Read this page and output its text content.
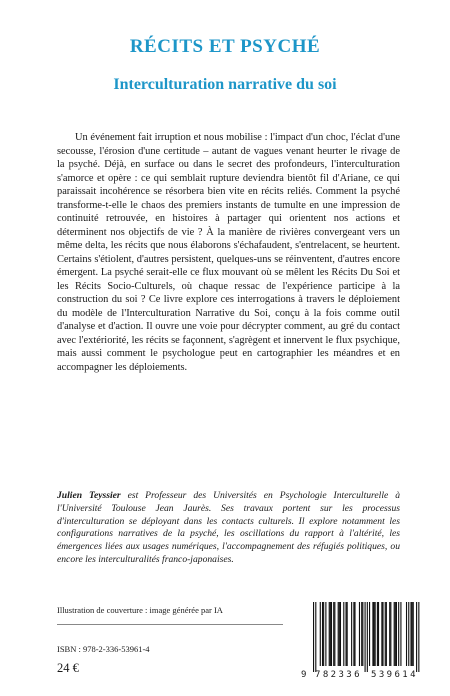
RÉCITS ET PSYCHÉ
Interculturation narrative du soi

Un événement fait irruption et nous mobilise : l'impact d'un choc, l'éclat d'une secousse, l'érosion d'une certitude – autant de vagues venant heurter le rivage de la psyché. Déjà, en surface ou dans le secret des profondeurs, l'interculturation s'amorce et opère : ce qui semblait rupture deviendra bientôt fil d'Ariane, ce qui paraissait incohérence se résorbera bien vite en récits reliés. Comment la psyché transforme-t-elle le chaos des premiers instants de tumulte en une impression de continuité retrouvée, en histoires à partager qui orientent nos actions et déterminent nos objectifs de vie ? À la manière de rivières convergeant vers un même delta, les récits que nous élaborons s'échafaudent, s'entrelacent, se heurtent. Certains s'étiolent, d'autres persistent, quelques-uns se réinventent, d'autres encore émergent. La psyché serait-elle ce flux mouvant où se mêlent les Récits Du Soi et les Récits Socio-Culturels, où chaque ressac de l'expérience participe à la construction du soi ? Ce livre explore ces interrogations à travers le déploiement du modèle de l'Interculturation Narrative du Soi, conçu à la fois comme outil d'analyse et d'action. Il ouvre une voie pour décrypter comment, au gré du contact avec l'extériorité, les récits se façonnent, s'agrègent et innervent le flux psychique, mais aussi comment le psychologue peut en cartographier les méandres et en accompagner les déploiements.

Julien Teyssier est Professeur des Universités en Psychologie Interculturelle à l'Université Toulouse Jean Jaurès. Ses travaux portent sur les processus d'interculturation se déployant dans les contacts culturels. Il explore notamment les configurations narratives de la psyché, les oscillations du rapport à l'altérité, les émergences liées aux usages numériques, l'accompagnement des réfugiés politiques, ou encore les interculturalités franco-japonaises.

Illustration de couverture : image générée par IA
ISBN : 978-2-336-53961-4
24 €	9 782336 539614
